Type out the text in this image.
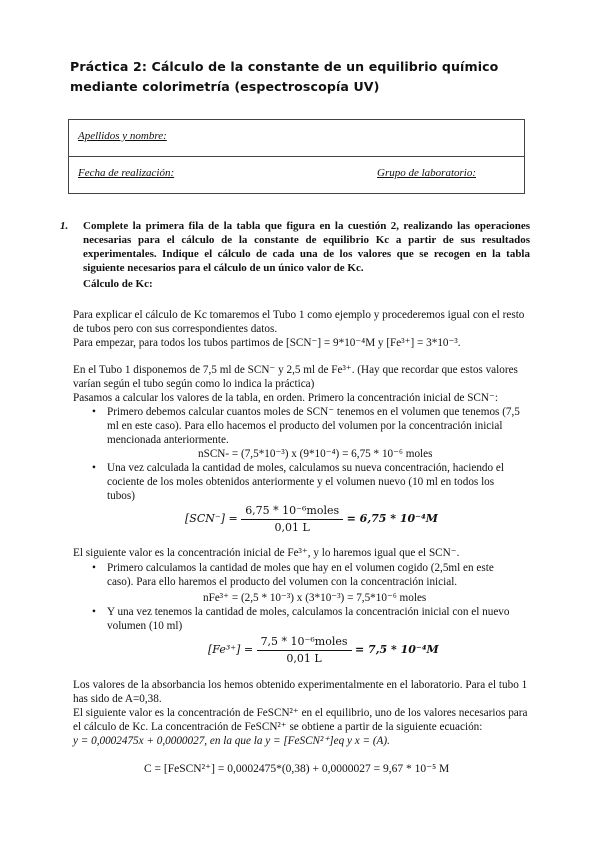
Práctica 2: Cálculo de la constante de un equilibrio químico mediante colorimetría (espectroscopía UV)
Apellidos y nombre:
Fecha de realización:	Grupo de laboratorio:
1. Complete la primera fila de la tabla que figura en la cuestión 2, realizando las operaciones necesarias para el cálculo de la constante de equilibrio Kc a partir de sus resultados experimentales. Indique el cálculo de cada una de los valores que se recogen en la tabla siguiente necesarios para el cálculo de un único valor de Kc.
Cálculo de Kc:
Para explicar el cálculo de Kc tomaremos el Tubo 1 como ejemplo y procederemos igual con el resto de tubos pero con sus correspondientes datos.
Para empezar, para todos los tubos partimos de [SCN⁻] = 9*10⁻⁴M y [Fe³⁺] = 3*10⁻³.
En el Tubo 1 disponemos de 7,5 ml de SCN⁻ y 2,5 ml de Fe³⁺. (Hay que recordar que estos valores varían según el tubo según como lo indica la práctica)
Pasamos a calcular los valores de la tabla, en orden. Primero la concentración inicial de SCN⁻:
• Primero debemos calcular cuantos moles de SCN⁻ tenemos en el volumen que tenemos (7,5 ml en este caso). Para ello hacemos el producto del volumen por la concentración inicial mencionada anteriormente.
nSCN- = (7,5*10⁻³) x (9*10⁻⁴) = 6,75 * 10⁻⁶ moles
• Una vez calculada la cantidad de moles, calculamos su nueva concentración, haciendo el cociente de los moles obtenidos anteriormente y el volumen nuevo (10 ml en todos los tubos)
$[SCN^-] = \frac{\text{6,75 * 10⁻⁶moles}}{0,01 L} = 6,75 * 10^{-4}M$
El siguiente valor es la concentración inicial de Fe³⁺, y lo haremos igual que el SCN⁻.
• Primero calculamos la cantidad de moles que hay en el volumen cogido (2,5ml en este caso). Para ello haremos el producto del volumen con la concentración inicial.
nFe³⁺ = (2,5 * 10⁻³) x (3*10⁻³) = 7,5*10⁻⁶ moles
• Y una vez tenemos la cantidad de moles, calculamos la concentración inicial con el nuevo volumen (10 ml)
$[Fe^{3+}] = \frac{\text{7,5 * 10⁻⁶moles}}{0,01 L} = 7,5 * 10^{-4}M$
Los valores de la absorbancia los hemos obtenido experimentalmente en el laboratorio. Para el tubo 1 has sido de A=0,38.
El siguiente valor es la concentración de FeSCN²⁺ en el equilibrio, uno de los valores necesarios para el cálculo de Kc. La concentración de FeSCN²⁺ se obtiene a partir de la siguiente ecuación:
y = 0,0002475x + 0,0000027, en la que la y = [FeSCN²⁺]eq y x = (A).
C = [FeSCN²⁺] = 0,0002475*(0,38) + 0,0000027 = 9,67 * 10⁻⁵ M
